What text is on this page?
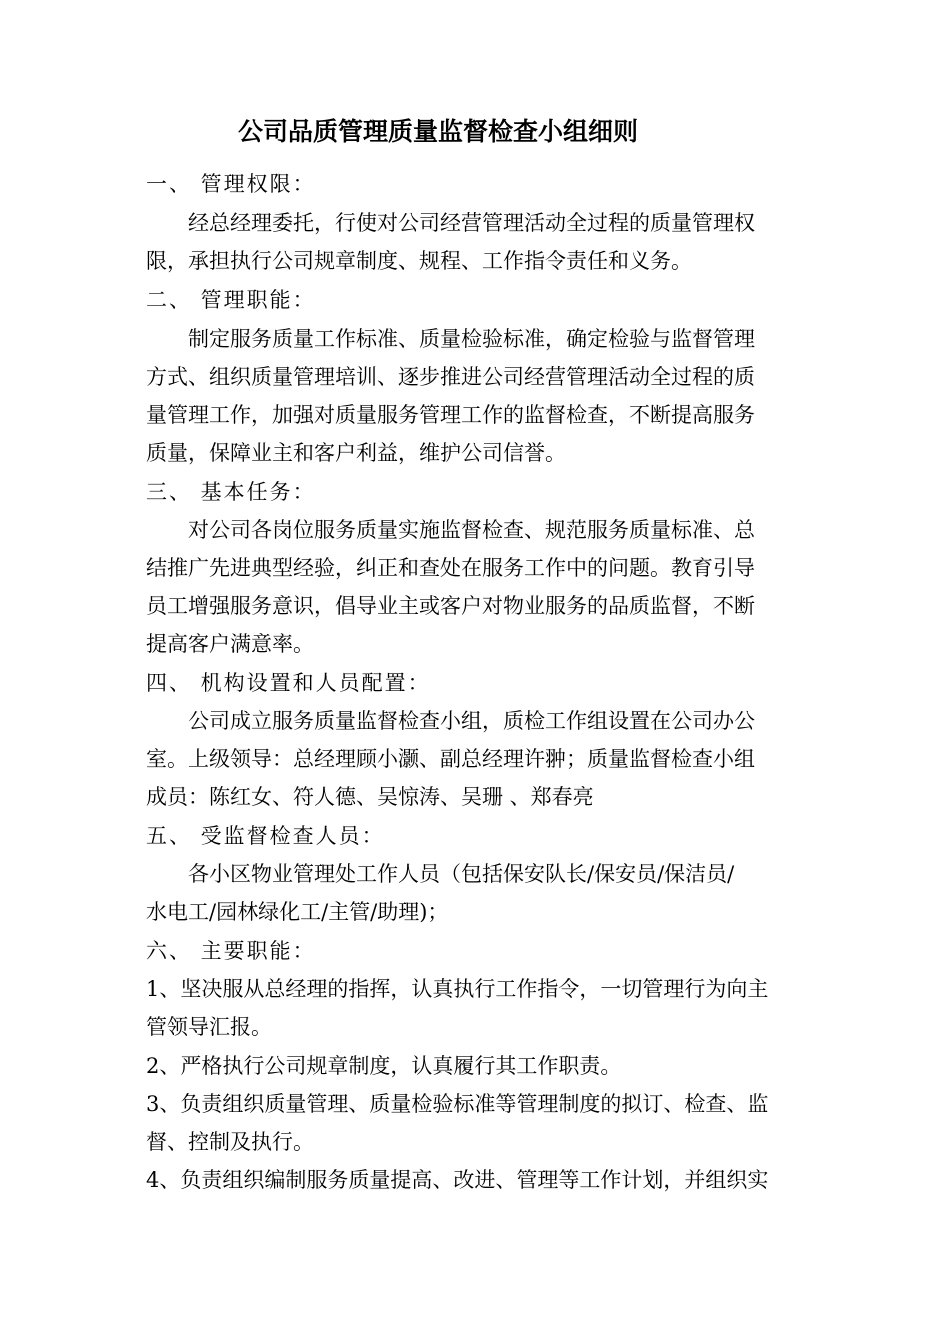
公司品质管理质量监督检查小组细则
一、 管理权限：
经总经理委托，行使对公司经营管理活动全过程的质量管理权
限，承担执行公司规章制度、规程、工作指令责任和义务。
二、 管理职能：
制定服务质量工作标准、质量检验标准，确定检验与监督管理
方式、组织质量管理培训、逐步推进公司经营管理活动全过程的质
量管理工作，加强对质量服务管理工作的监督检查，不断提高服务
质量，保障业主和客户利益，维护公司信誉。
三、 基本任务：
对公司各岗位服务质量实施监督检查、规范服务质量标准、总
结推广先进典型经验，纠正和查处在服务工作中的问题。教育引导
员工增强服务意识，倡导业主或客户对物业服务的品质监督，不断
提高客户满意率。
四、 机构设置和人员配置：
公司成立服务质量监督检查小组，质检工作组设置在公司办公
室。上级领导：总经理顾小灏、副总经理许翀；质量监督检查小组
成员：陈红女、符人德、吴惊涛、吴珊 、郑春亮
五、 受监督检查人员：
各小区物业管理处工作人员（包括保安队长/保安员/保洁员/
水电工/园林绿化工/主管/助理)；
六、 主要职能：
1、坚决服从总经理的指挥，认真执行工作指令，一切管理行为向主
管领导汇报。
2、严格执行公司规章制度，认真履行其工作职责。
3、负责组织质量管理、质量检验标准等管理制度的拟订、检查、监
督、控制及执行。
4、负责组织编制服务质量提高、改进、管理等工作计划，并组织实
